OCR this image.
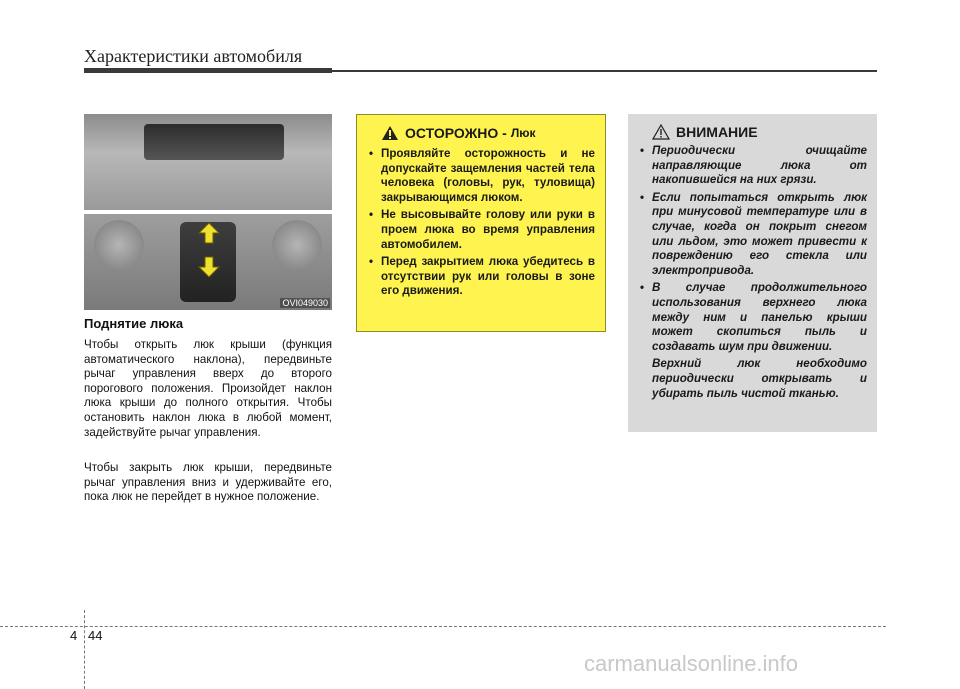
Характеристики автомобиля
OVI049030
Поднятие люка
Чтобы открыть люк крыши (функция автоматического наклона), передвиньте рычаг управления вверх до второго порогового положения. Произойдет наклон люка крыши до полного открытия. Чтобы остановить наклон люка в любой момент, задействуйте рычаг управления.
Чтобы закрыть люк крыши, передвиньте рычаг управления вниз и удерживайте его, пока люк не перейдет в нужное положение.
ОСТОРОЖНО - Люк
• Проявляйте осторожность и не допускайте защемления частей тела человека (головы, рук, туловища) закрывающимся люком.
• Не высовывайте голову или руки в проем люка во время управления автомобилем.
• Перед закрытием люка убедитесь в отсутствии рук или головы в зоне его движения.
ВНИМАНИЕ
• Периодически очищайте направляющие люка от накопившейся на них грязи.
• Если попытаться открыть люк при минусовой температуре или в случае, когда он покрыт снегом или льдом, это может привести к повреждению его стекла или электропривода.
• В случае продолжительного использования верхнего люка между ним и панелью крыши может скопиться пыль и создавать шум при движении.
Верхний люк необходимо периодически открывать и убирать пыль чистой тканью.
4 44
carmanualsonline.info
